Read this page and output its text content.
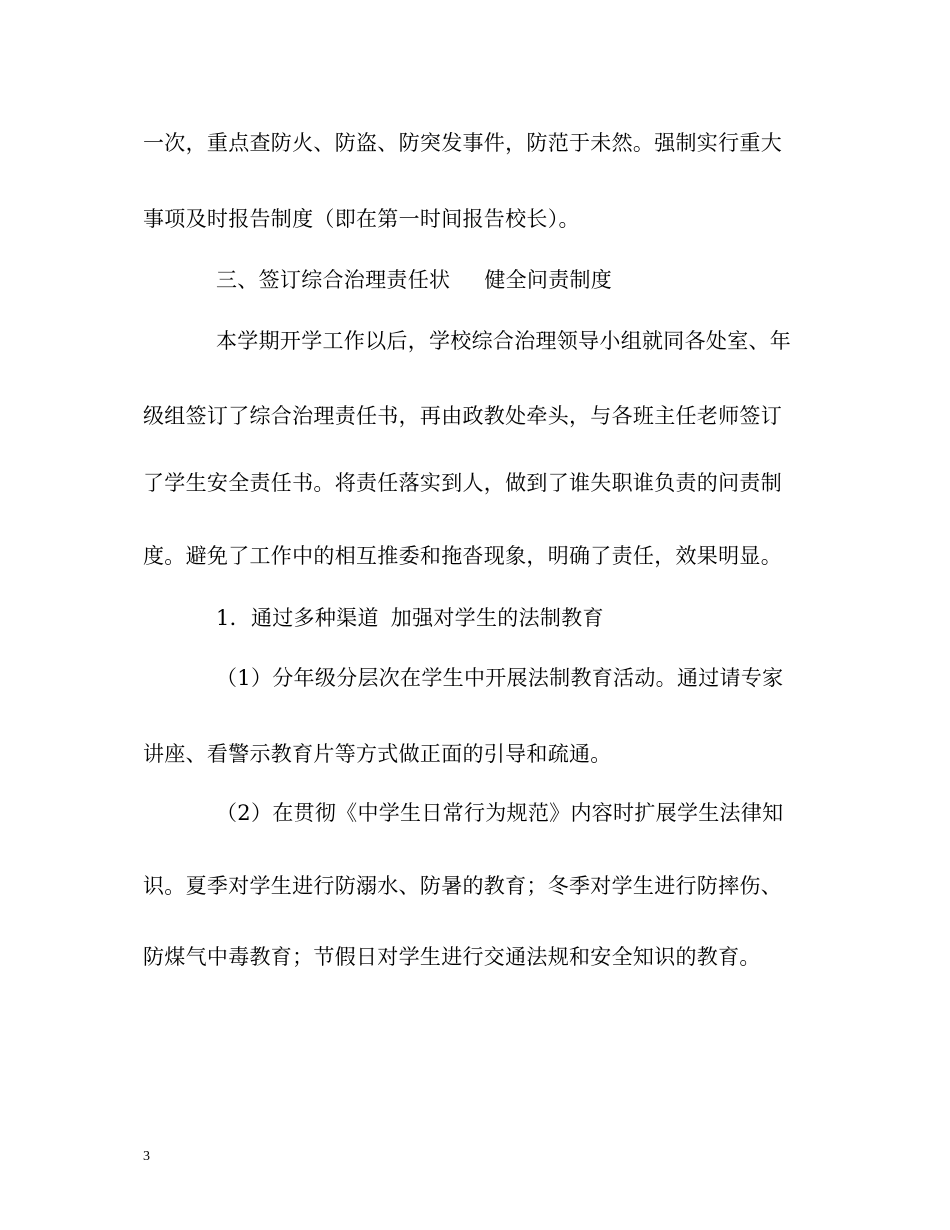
一次，重点查防火、防盗、防突发事件，防范于未然。强制实行重大
事项及时报告制度（即在第一时间报告校长）。
三、签订综合治理责任状 健全问责制度
本学期开学工作以后，学校综合治理领导小组就同各处室、年
级组签订了综合治理责任书，再由政教处牵头，与各班主任老师签订
了学生安全责任书。将责任落实到人，做到了谁失职谁负责的问责制
度。避免了工作中的相互推委和拖沓现象，明确了责任，效果明显。
1．通过多种渠道 加强对学生的法制教育
（1）分年级分层次在学生中开展法制教育活动。通过请专家
讲座、看警示教育片等方式做正面的引导和疏通。
（2）在贯彻《中学生日常行为规范》内容时扩展学生法律知
识。夏季对学生进行防溺水、防暑的教育；冬季对学生进行防摔伤、
防煤气中毒教育；节假日对学生进行交通法规和安全知识的教育。
3
